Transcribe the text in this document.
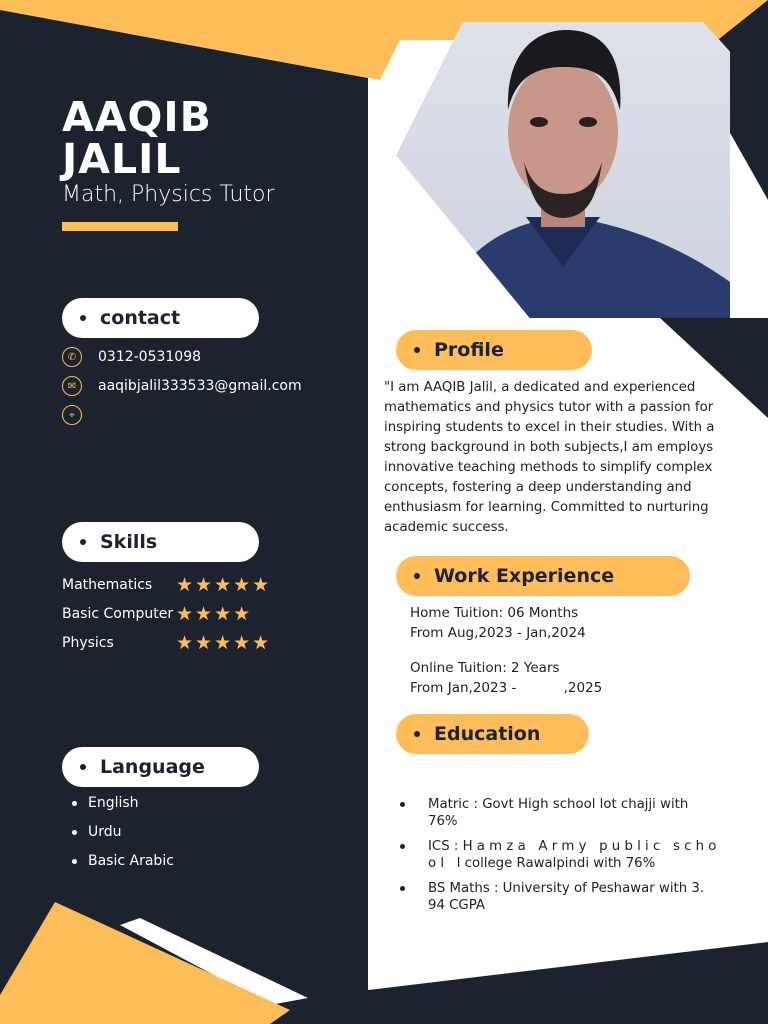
AAQIB
JALIL
Math, Physics Tutor
contact
✆	0312-0531098
✉	aaqibjalil333533@gmail.com
⌖
Skills
Mathematics	★★★★★
Basic Computer ★★★★
Physics	★★★★★
Language
English
Urdu
Basic Arabic
Profile
"I am AAQIB Jalil, a dedicated and experienced mathematics and physics tutor with a passion for inspiring students to excel in their studies. With a strong background in both subjects,I am employs innovative teaching methods to simplify complex concepts, fostering a deep understanding and enthusiasm for learning. Committed to nurturing academic success.
Work Experience
Home Tuition: 06 Months
From Aug,2023 - Jan,2024
Online Tuition: 2 Years
From Jan,2023 -           ,2025
Education
Matric : Govt High school lot chajji with 76%
ICS : H a m z a   A r m y   p u b l i c   s c h o o l   l college Rawalpindi with 76%
BS Maths : University of Peshawar with 3. 94 CGPA
